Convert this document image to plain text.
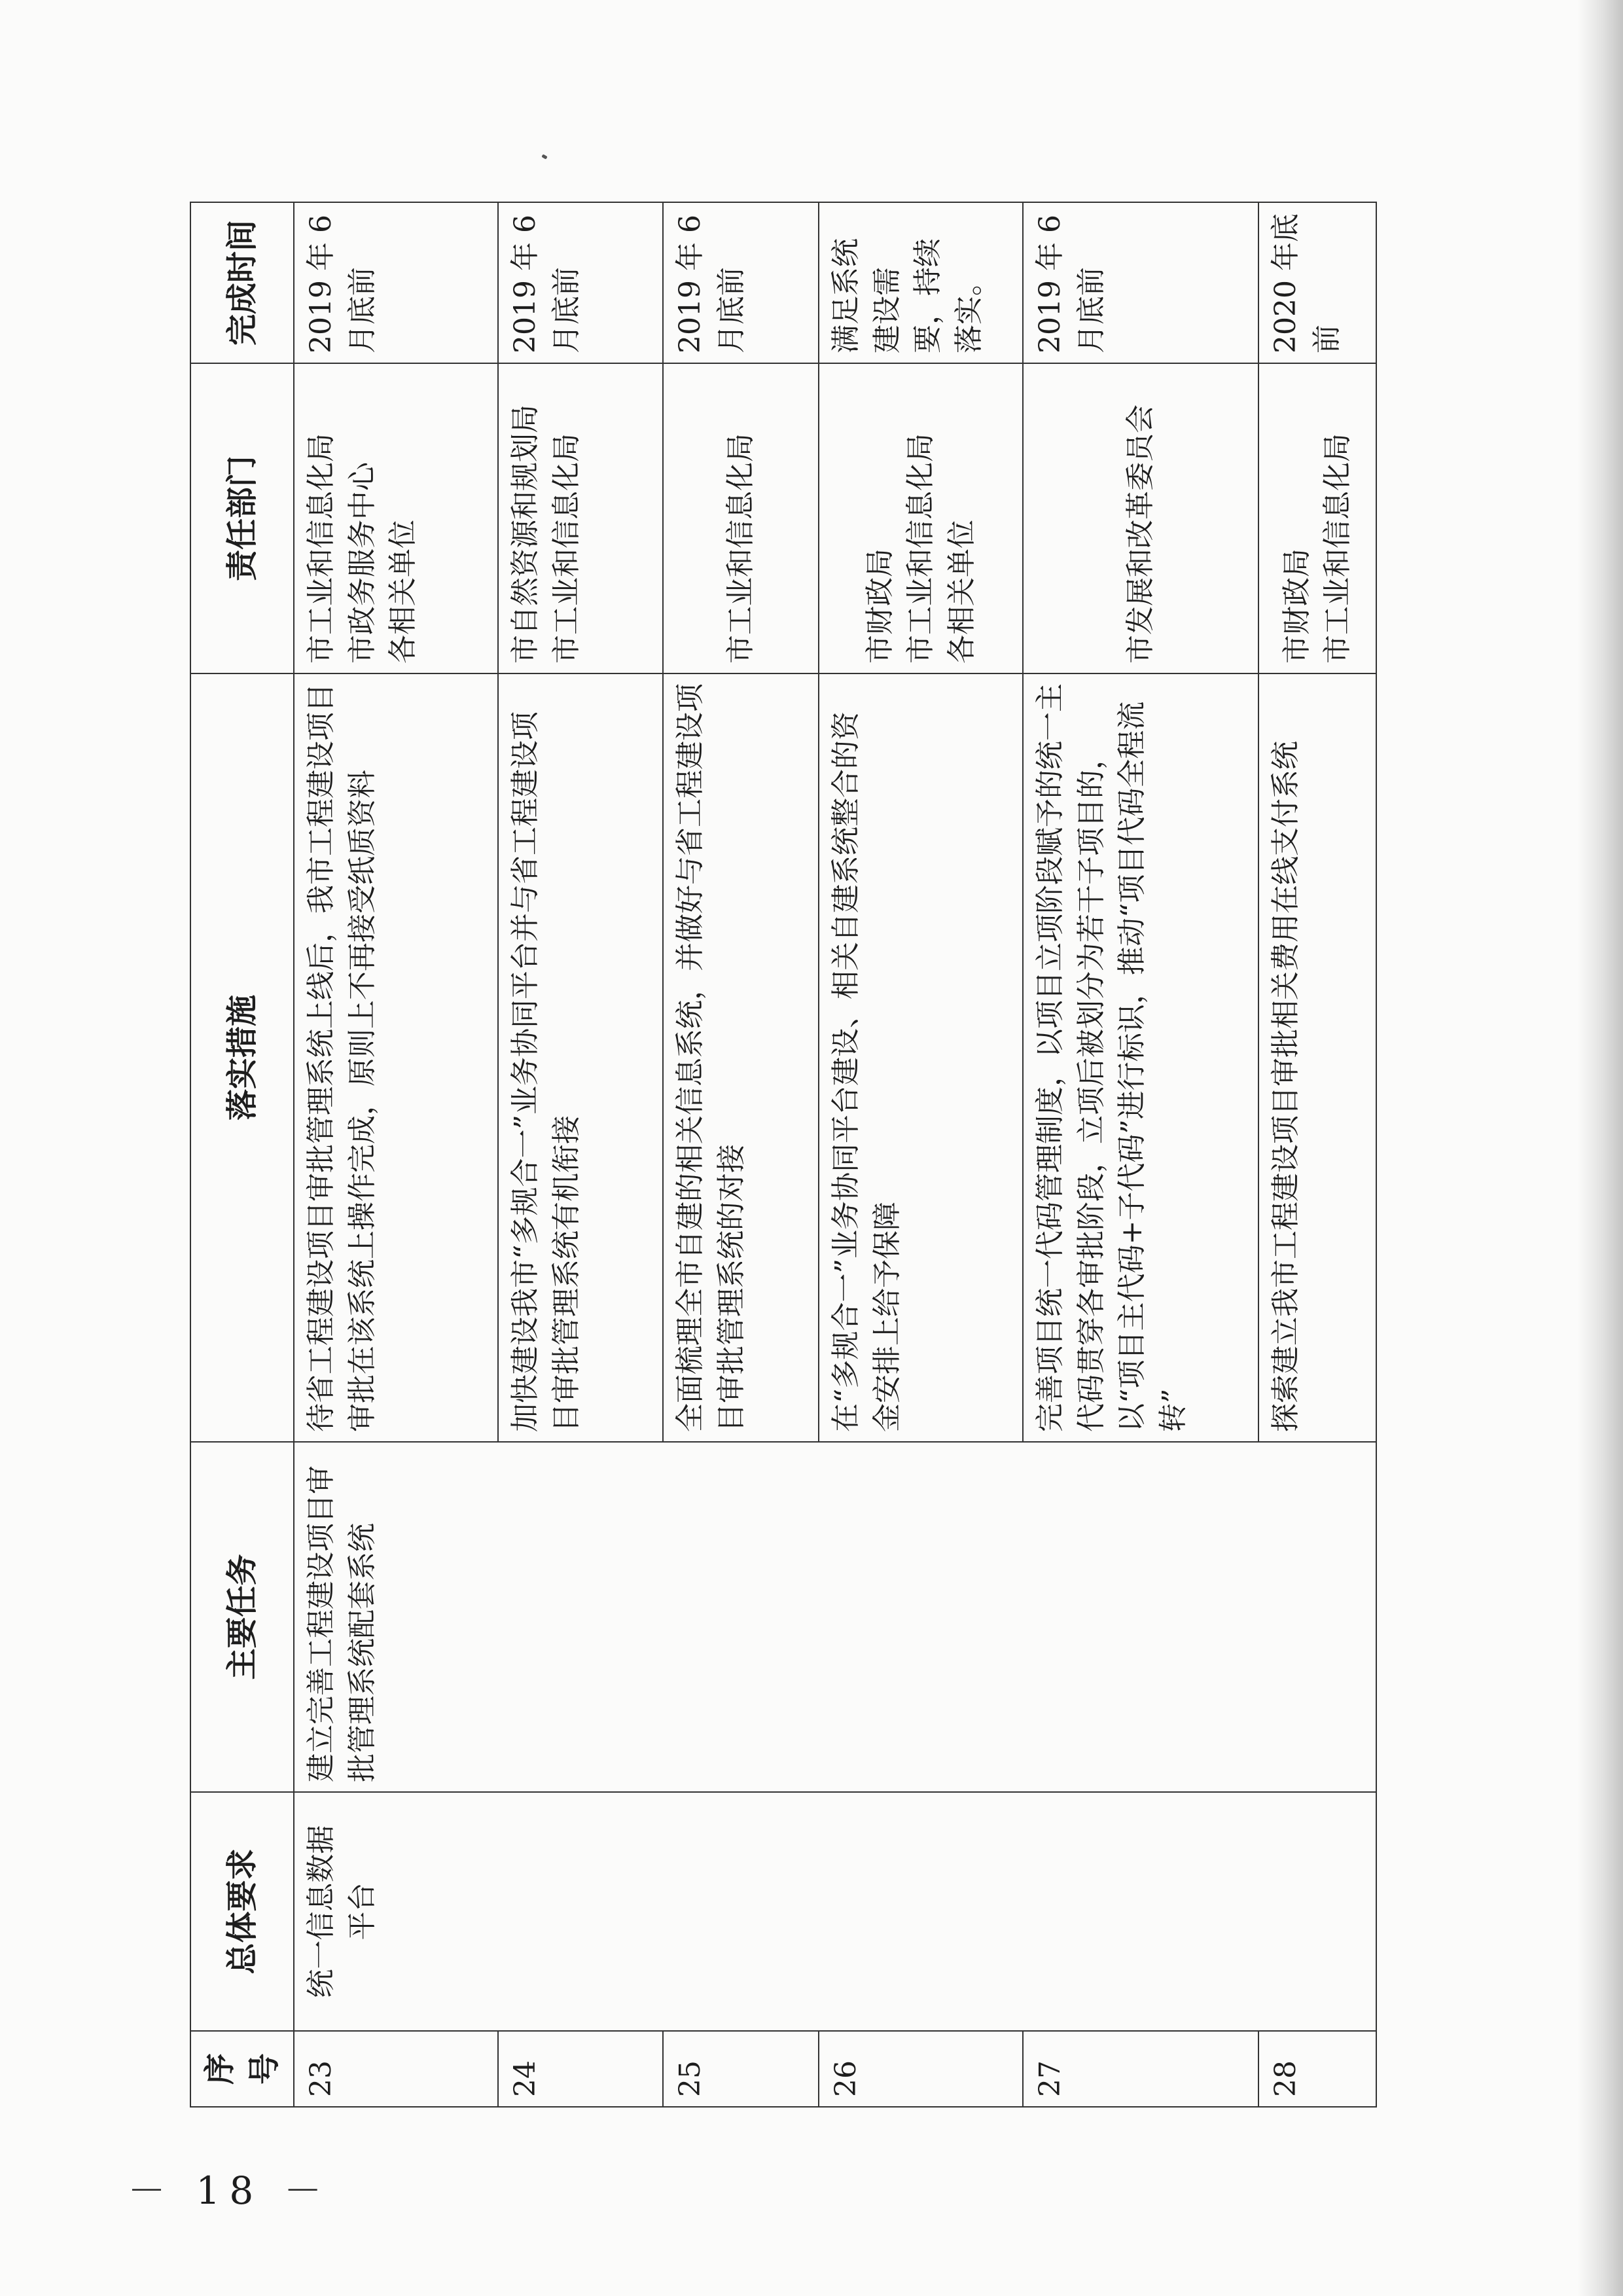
序号	总体要求	主要任务	落实措施	责任部门	完成时间
23	统一信息数据平台	建立完善工程建设项目审批管理系统配套系统	待省工程建设项目审批管理系统上线后，我市工程建设项目审批在该系统上操作完成，原则上不再接受纸质资料	市工业和信息化局 市政务服务中心 各相关单位	2019 年 6 月底前
24			加快建设我市“多规合一”业务协同平台并与省工程建设项目审批管理系统有机衔接	市自然资源和规划局 市工业和信息化局	2019 年 6 月底前
25			全面梳理全市自建的相关信息系统，并做好与省工程建设项目审批管理系统的对接	市工业和信息化局	2019 年 6 月底前
26			在“多规合一”业务协同平台建设、相关自建系统整合的资金安排上给予保障	市财政局 市工业和信息化局 各相关单位	满足系统建设需要，持续落实。
27			完善项目统一代码管理制度，以项目立项阶段赋予的统一主代码贯穿各审批阶段，立项后被划分为若干子项目的，以“项目主代码+子代码”进行标识，推动“项目代码全程流转”	市发展和改革委员会	2019 年 6 月底前
28			探索建立我市工程建设项目审批相关费用在线支付系统	市财政局 市工业和信息化局	2020 年底前
－ 18 －
